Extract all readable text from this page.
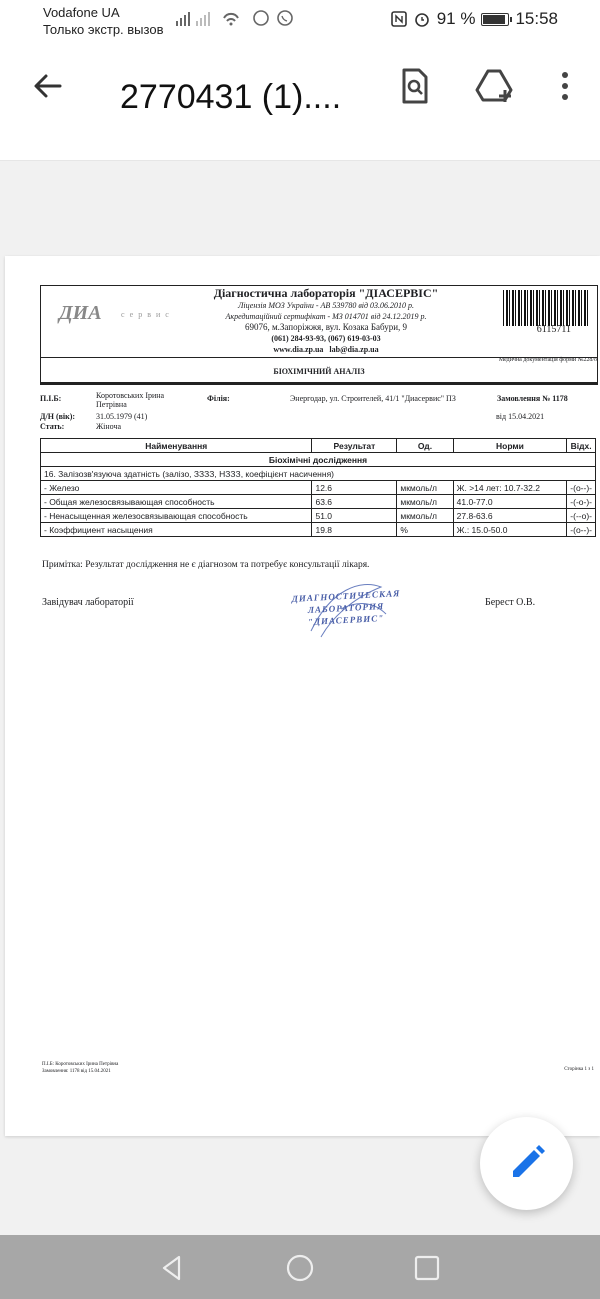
Vodafone UA
Только экстр. вызов

91 % 15:58
2770431 (1)....
ДИА сервис
Діагностична лабораторія "ДІАСЕРВІС"
Ліцензія МОЗ України - АВ 539780 від 03.06.2010 р.
Акредитаційний сертифікат - МЗ 014701 від 24.12.2019 р.
69076, м.Запоріжжя, вул. Козака Бабури, 9
(061) 284-93-93, (067) 619-03-03
www.dia.zp.ua lab@dia.zp.ua
6115711
Медична документація форми №228/о
БІОХІМІЧНИЙ АНАЛІЗ
П.І.Б:	Коротовських Ірина
Петрівна
Філія:	Энергодар, ул. Строителей, 41/1 "Диасервис" ПЗ	Замовлення № 1178
Д/Н (вік):	31.05.1979 (41)	від 15.04.2021
Стать:	Жіноча
Найменування	Результат	Од.	Норми	Відх.
Біохімічні дослідження				
16. Залізозв'язуюча здатність (залізо, ЗЗЗЗ, НЗЗЗ, коефіцієнт насичення)				
- Железо	12.6	мкмоль/л	Ж. >14 лет: 10.7-32.2	-(о--)-
- Общая железосвязывающая способность	63.6	мкмоль/л	41.0-77.0	-(-о-)-
- Ненасыщенная железосвязывающая способность	51.0	мкмоль/л	27.8-63.6	-(--о)-
- Коэффициент насыщения	19.8	%	Ж.: 15.0-50.0	-(о--)-
Примітка: Результат дослідження не є діагнозом та потребує консультації лікаря.
Завідувач лабораторії	ДИАГНОСТИЧЕСКАЯ
ЛАБОРАТОРИЯ
"ДИАСЕРВИС"
Берест О.В.
П.І.Б: Коротовських Ірина Петрівна
Замовлення: 1178 від 15.04.2021	Сторінка 1 з 1
